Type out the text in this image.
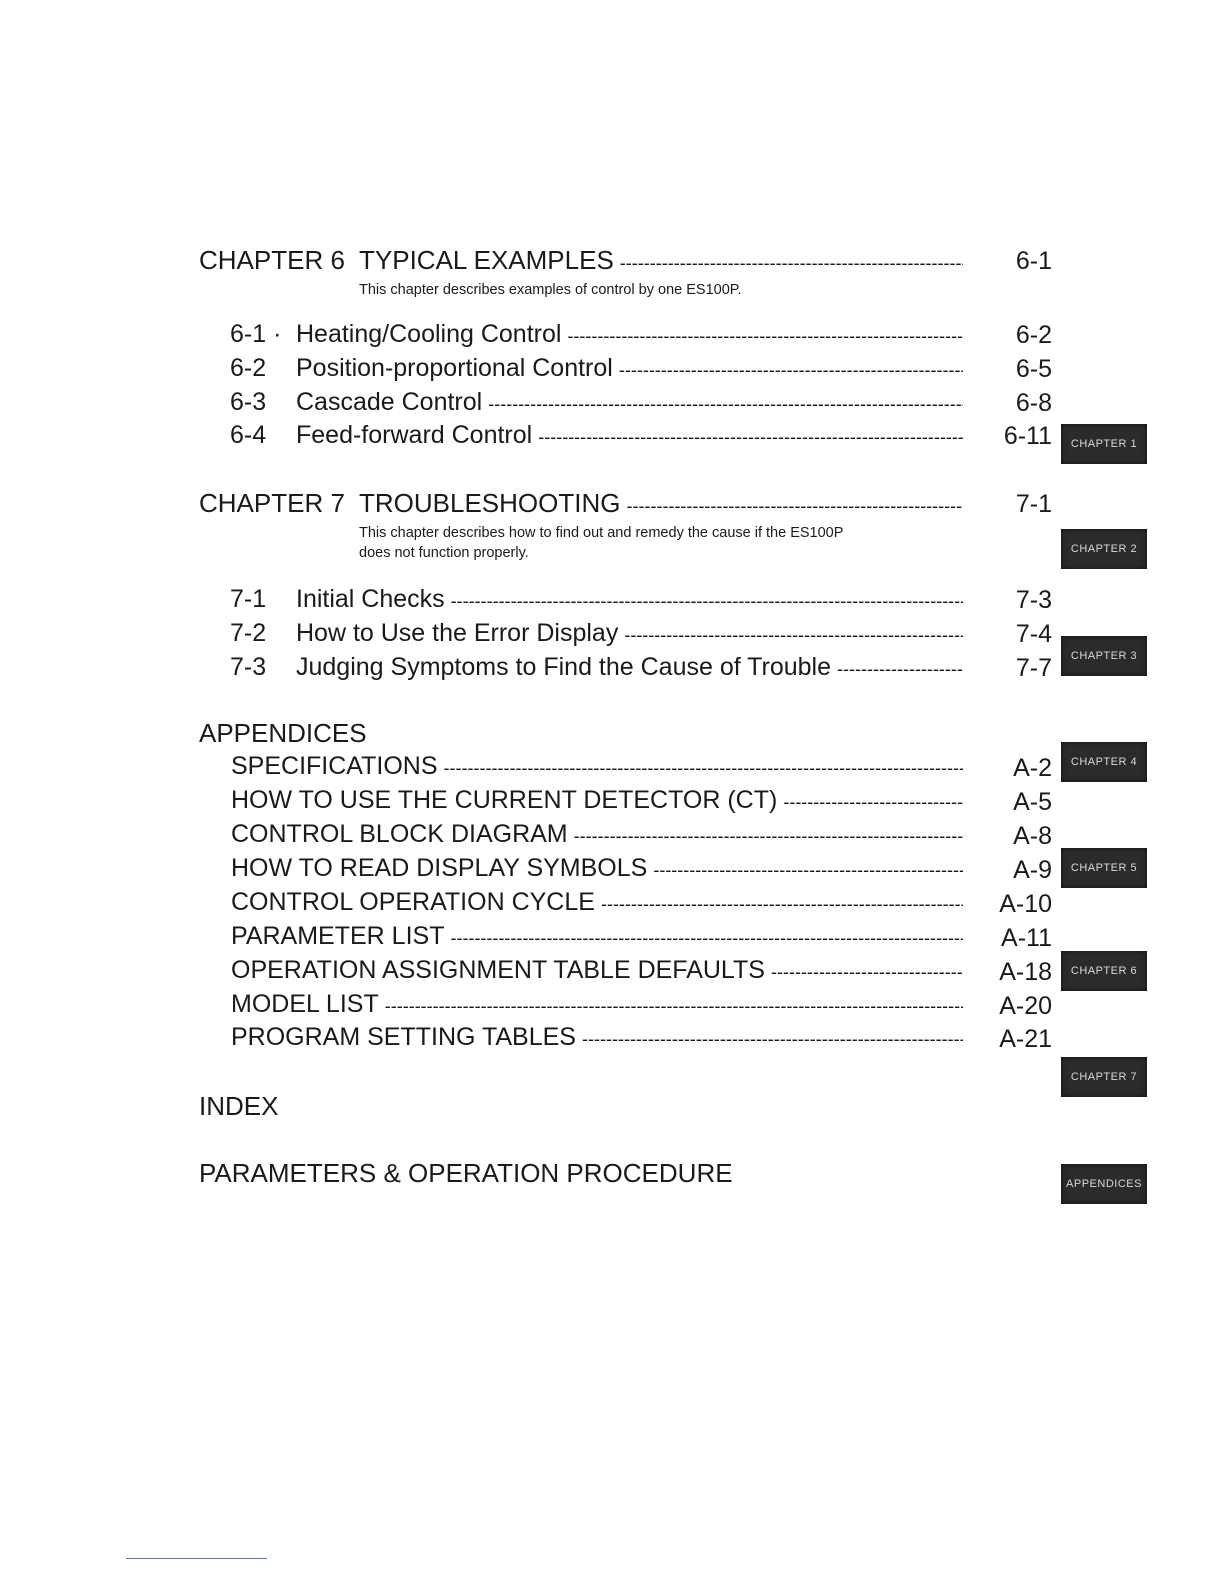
CHAPTER 6 TYPICAL EXAMPLES -----	6-1
This chapter describes examples of control by one ES100P.
6-1 · Heating/Cooling Control -----	6-2
6-2	Position-proportional Control -----	6-5
6-3	Cascade Control -----	6-8
6-4	Feed-forward Control -----	6-11
CHAPTER 7 TROUBLESHOOTING -----	7-1
This chapter describes how to find out and remedy the cause if the ES100P
does not function properly.
7-1	Initial Checks -----	7-3
7-2	How to Use the Error Display -----	7-4
7-3	Judging Symptoms to Find the Cause of Trouble -----	7-7
APPENDICES
SPECIFICATIONS -----	A-2
HOW TO USE THE CURRENT DETECTOR (CT) -----	A-5
CONTROL BLOCK DIAGRAM -----	A-8
HOW TO READ DISPLAY SYMBOLS -----	A-9
CONTROL OPERATION CYCLE -----	A-10
PARAMETER LIST -----	A-11
OPERATION ASSIGNMENT TABLE DEFAULTS -----	A-18
MODEL LIST -----	A-20
PROGRAM SETTING TABLES -----	A-21
INDEX
PARAMETERS & OPERATION PROCEDURE
CHAPTER 1
CHAPTER 2
CHAPTER 3
CHAPTER 4
CHAPTER 5
CHAPTER 6
CHAPTER 7
APPENDICES
